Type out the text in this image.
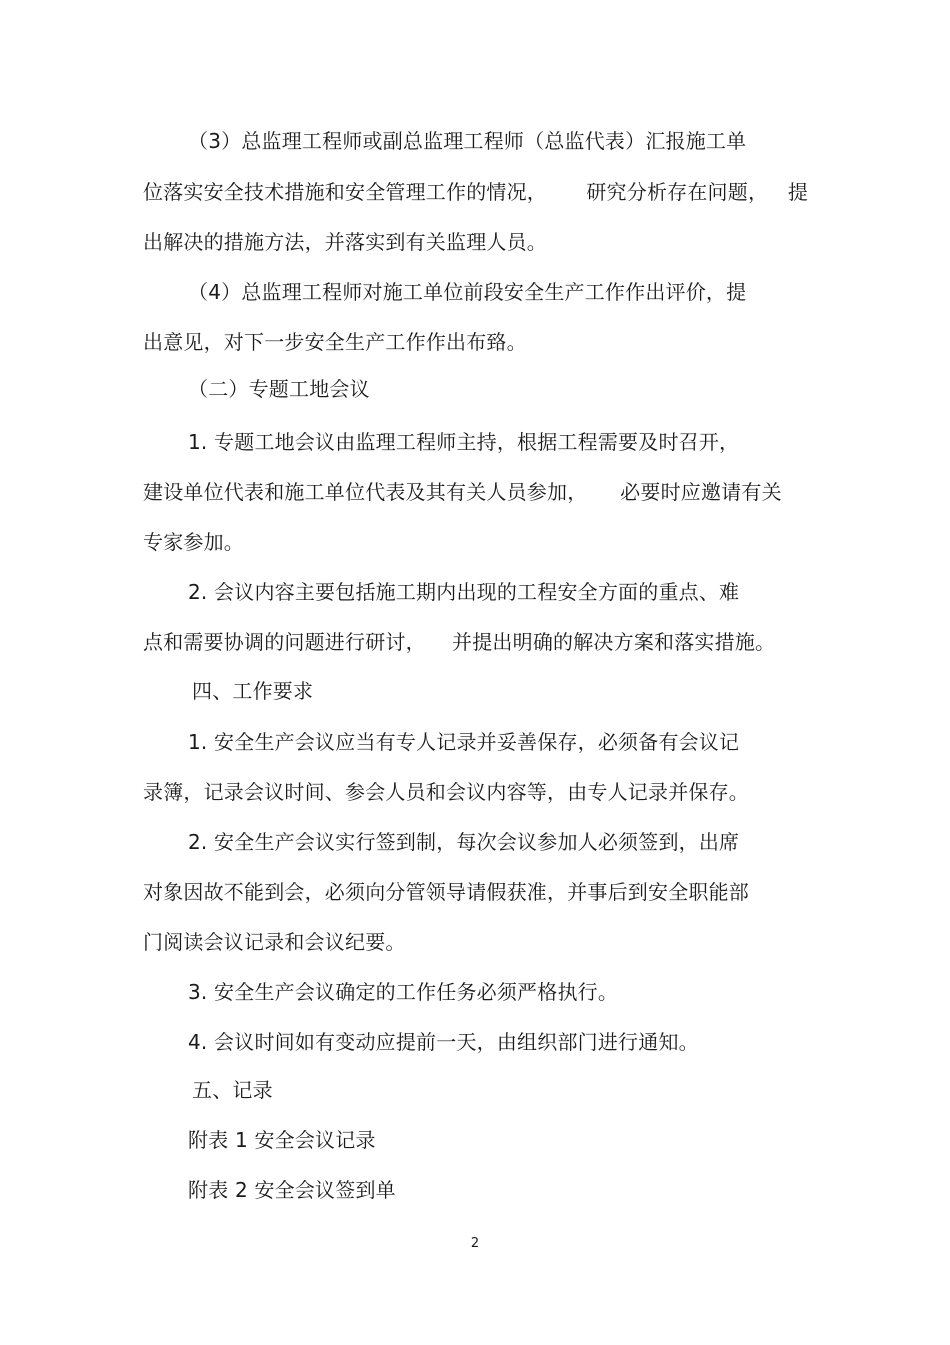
（3）总监理工程师或副总监理工程师（总监代表）汇报施工单
位落实安全技术措施和安全管理工作的情况，      研究分析存在问题，   提
出解决的措施方法，并落实到有关监理人员。
（4）总监理工程师对施工单位前段安全生产工作作出评价，提
出意见，对下一步安全生产工作作出布臵。
（二）专题工地会议
1. 专题工地会议由监理工程师主持，根据工程需要及时召开，
建设单位代表和施工单位代表及其有关人员参加，     必要时应邀请有关
专家参加。
2. 会议内容主要包括施工期内出现的工程安全方面的重点、难
点和需要协调的问题进行研讨，    并提出明确的解决方案和落实措施。
四、工作要求
1. 安全生产会议应当有专人记录并妥善保存，必须备有会议记
录簿，记录会议时间、参会人员和会议内容等，由专人记录并保存。
2. 安全生产会议实行签到制，每次会议参加人必须签到，出席
对象因故不能到会，必须向分管领导请假获准，并事后到安全职能部
门阅读会议记录和会议纪要。
3. 安全生产会议确定的工作任务必须严格执行。
4. 会议时间如有变动应提前一天，由组织部门进行通知。
五、记录
附表 1 安全会议记录
附表 2 安全会议签到单
2
